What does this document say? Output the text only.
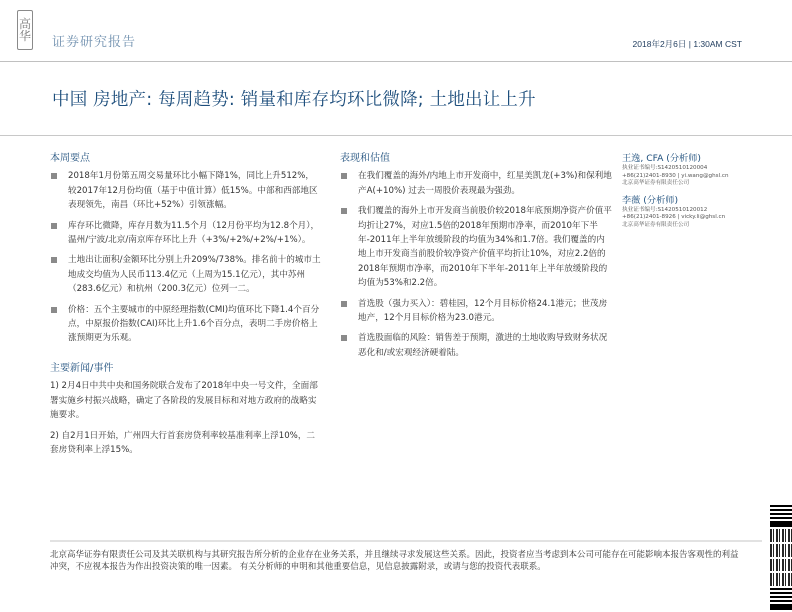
高
华 证券研究报告	2018年2月6日 | 1:30AM CST
中国 房地产: 每周趋势: 销量和库存均环比微降; 土地出让上升
本周要点
2018年1月份第五周交易量环比小幅下降1%，同比上升512%，较2017年12月份均值（基于中值计算）低15%。中部和西部地区表现领先，南昌（环比+52%）引领涨幅。
库存环比微降，库存月数为11.5个月（12月份平均为12.8个月），温州/宁波/北京/南京库存环比上升（+3%/+2%/+2%/+1%）。
土地出让面积/金额环比分别上升209%/738%。排名前十的城市土地成交均值为人民币113.4亿元（上周为15.1亿元），其中苏州（283.6亿元）和杭州（200.3亿元）位列一二。
价格：五个主要城市的中原经理指数(CMI)均值环比下降1.4个百分点，中原报价指数(CAI)环比上升1.6个百分点，表明二手房价格上涨预期更为乐观。
主要新闻/事件

1) 2月4日中共中央和国务院联合发布了2018年中央一号文件，全面部署实施乡村振兴战略，确定了各阶段的发展目标和对地方政府的战略实施要求。

2) 自2月1日开始，广州四大行首套房贷利率较基准利率上浮10%，二套房贷利率上浮15%。

表现和估值
在我们覆盖的海外/内地上市开发商中，红星美凯龙(+3%)和保利地产A(+10%) 过去一周股价表现最为强劲。
我们覆盖的海外上市开发商当前股价较2018年底预期净资产价值平均折让27%，对应1.5倍的2018年预期市净率，而2010年下半年-2011年上半年放缓阶段的均值为34%和1.7倍。我们覆盖的内地上市开发商当前股价较净资产价值平均折让10%，对应2.2倍的2018年预期市净率，而2010年下半年-2011年上半年放缓阶段的均值为53%和2.2倍。
首选股（强力买入）：碧桂园，12个月目标价格24.1港元；世茂房地产，12个月目标价格为23.0港元。
首选股面临的风险：销售差于预期，激进的土地收购导致财务状况恶化和/或宏观经济硬着陆。
王逸, CFA (分析师)
执业证书编号:S1420510120004
+86(21)2401-8930 | yi.wang@ghsl.cn
北京高华证券有限责任公司
李薇 (分析师)
执业证书编号:S1420510120012
+86(21)2401-8926 | vicky.li@ghsl.cn
北京高华证券有限责任公司
北京高华证券有限责任公司及其关联机构与其研究报告所分析的企业存在业务关系，并且继续寻求发展这些关系。因此，投资者应当考虑到本公司可能存在可能影响本报告客观性的利益冲突，不应视本报告为作出投资决策的唯一因素。 有关分析师的申明和其他重要信息，见信息披露附录，或请与您的投资代表联系。
